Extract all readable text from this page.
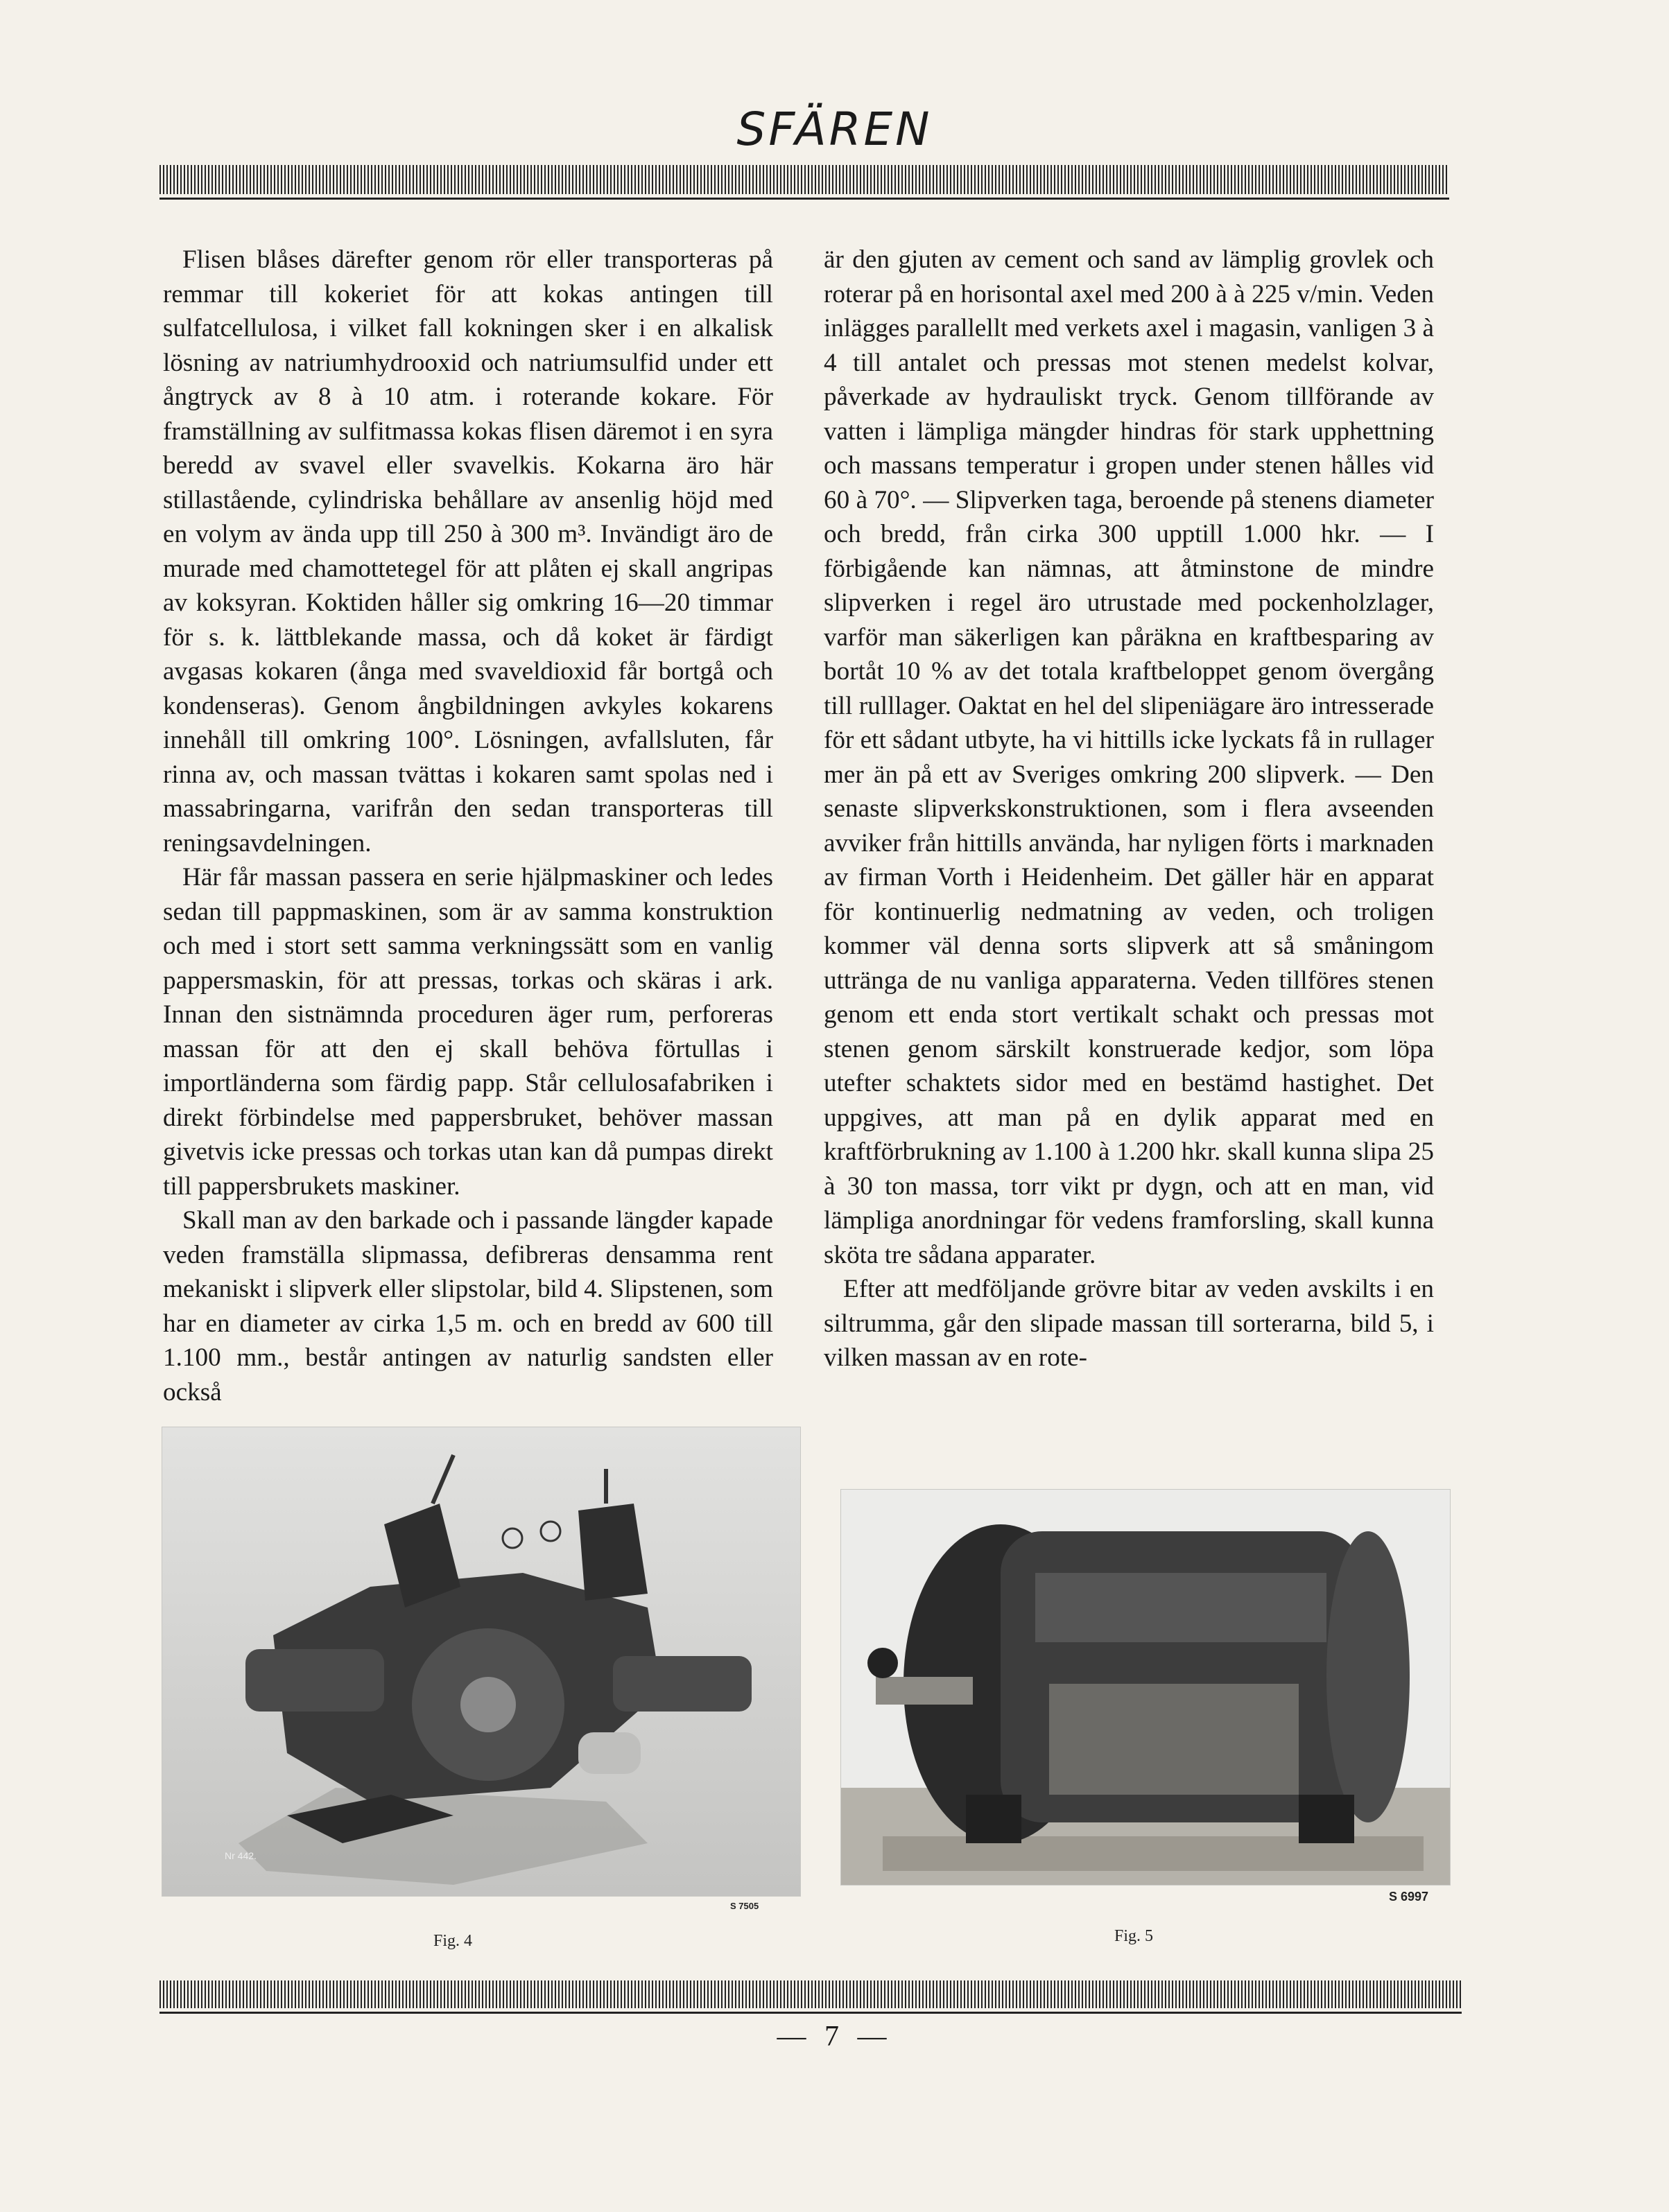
SFÄREN

Flisen blåses därefter genom rör eller transporteras på remmar till kokeriet för att kokas antingen till sulfatcellulosa, i vilket fall kokningen sker i en alkalisk lösning av natriumhydrooxid och natriumsulfid under ett ångtryck av 8 à 10 atm. i roterande kokare. För framställning av sulfitmassa kokas flisen däremot i en syra beredd av svavel eller svavelkis. Kokarna äro här stillastående, cylindriska behållare av ansenlig höjd med en volym av ända upp till 250 à 300 m³. Invändigt äro de murade med chamottetegel för att plåten ej skall angripas av koksyran. Koktiden håller sig omkring 16—20 timmar för s. k. lättblekande massa, och då koket är färdigt avgasas kokaren (ånga med svaveldioxid får bortgå och kondenseras). Genom ångbildningen avkyles kokarens innehåll till omkring 100°. Lösningen, avfallsluten, får rinna av, och massan tvättas i kokaren samt spolas ned i massabringarna, varifrån den sedan transporteras till reningsavdelningen.

Här får massan passera en serie hjälpmaskiner och ledes sedan till pappmaskinen, som är av samma konstruktion och med i stort sett samma verkningssätt som en vanlig pappersmaskin, för att pressas, torkas och skäras i ark. Innan den sistnämnda proceduren äger rum, perforeras massan för att den ej skall behöva förtullas i importländerna som färdig papp. Står cellulosafabriken i direkt förbindelse med pappersbruket, behöver massan givetvis icke pressas och torkas utan kan då pumpas direkt till pappersbrukets maskiner.

Skall man av den barkade och i passande längder kapade veden framställa slipmassa, defibreras densamma rent mekaniskt i slipverk eller slipstolar, bild 4. Slipstenen, som har en diameter av cirka 1,5 m. och en bredd av 600 till 1.100 mm., består antingen av naturlig sandsten eller också

är den gjuten av cement och sand av lämplig grovlek och roterar på en horisontal axel med 200 à à 225 v/min. Veden inlägges parallellt med verkets axel i magasin, vanligen 3 à 4 till antalet och pressas mot stenen medelst kolvar, påverkade av hydrauliskt tryck. Genom tillförande av vatten i lämpliga mängder hindras för stark upphettning och massans temperatur i gropen under stenen hålles vid 60 à 70°. — Slipverken taga, beroende på stenens diameter och bredd, från cirka 300 upptill 1.000 hkr. — I förbigående kan nämnas, att åtminstone de mindre slipverken i regel äro utrustade med pockenholzlager, varför man säkerligen kan påräkna en kraftbesparing av bortåt 10 % av det totala kraftbeloppet genom övergång till rulllager. Oaktat en hel del slipeniägare äro intresserade för ett sådant utbyte, ha vi hittills icke lyckats få in rullager mer än på ett av Sveriges omkring 200 slipverk. — Den senaste slipverkskonstruktionen, som i flera avseenden avviker från hittills använda, har nyligen förts i marknaden av firman Vorth i Heidenheim. Det gäller här en apparat för kontinuerlig nedmatning av veden, och troligen kommer väl denna sorts slipverk att så småningom uttränga de nu vanliga apparaterna. Veden tillföres stenen genom ett enda stort vertikalt schakt och pressas mot stenen genom särskilt konstruerade kedjor, som löpa utefter schaktets sidor med en bestämd hastighet. Det uppgives, att man på en dylik apparat med en kraftförbrukning av 1.100 à 1.200 hkr. skall kunna slipa 25 à 30 ton massa, torr vikt pr dygn, och att en man, vid lämpliga anordningar för vedens framforsling, skall kunna sköta tre sådana apparater.

Efter att medföljande grövre bitar av veden avskilts i en siltrumma, går den slipade massan till sorterarna, bild 5, i vilken massan av en rote-

Nr 442.
S 7505
Fig. 4
S 6997
Fig. 5
— 7 —
